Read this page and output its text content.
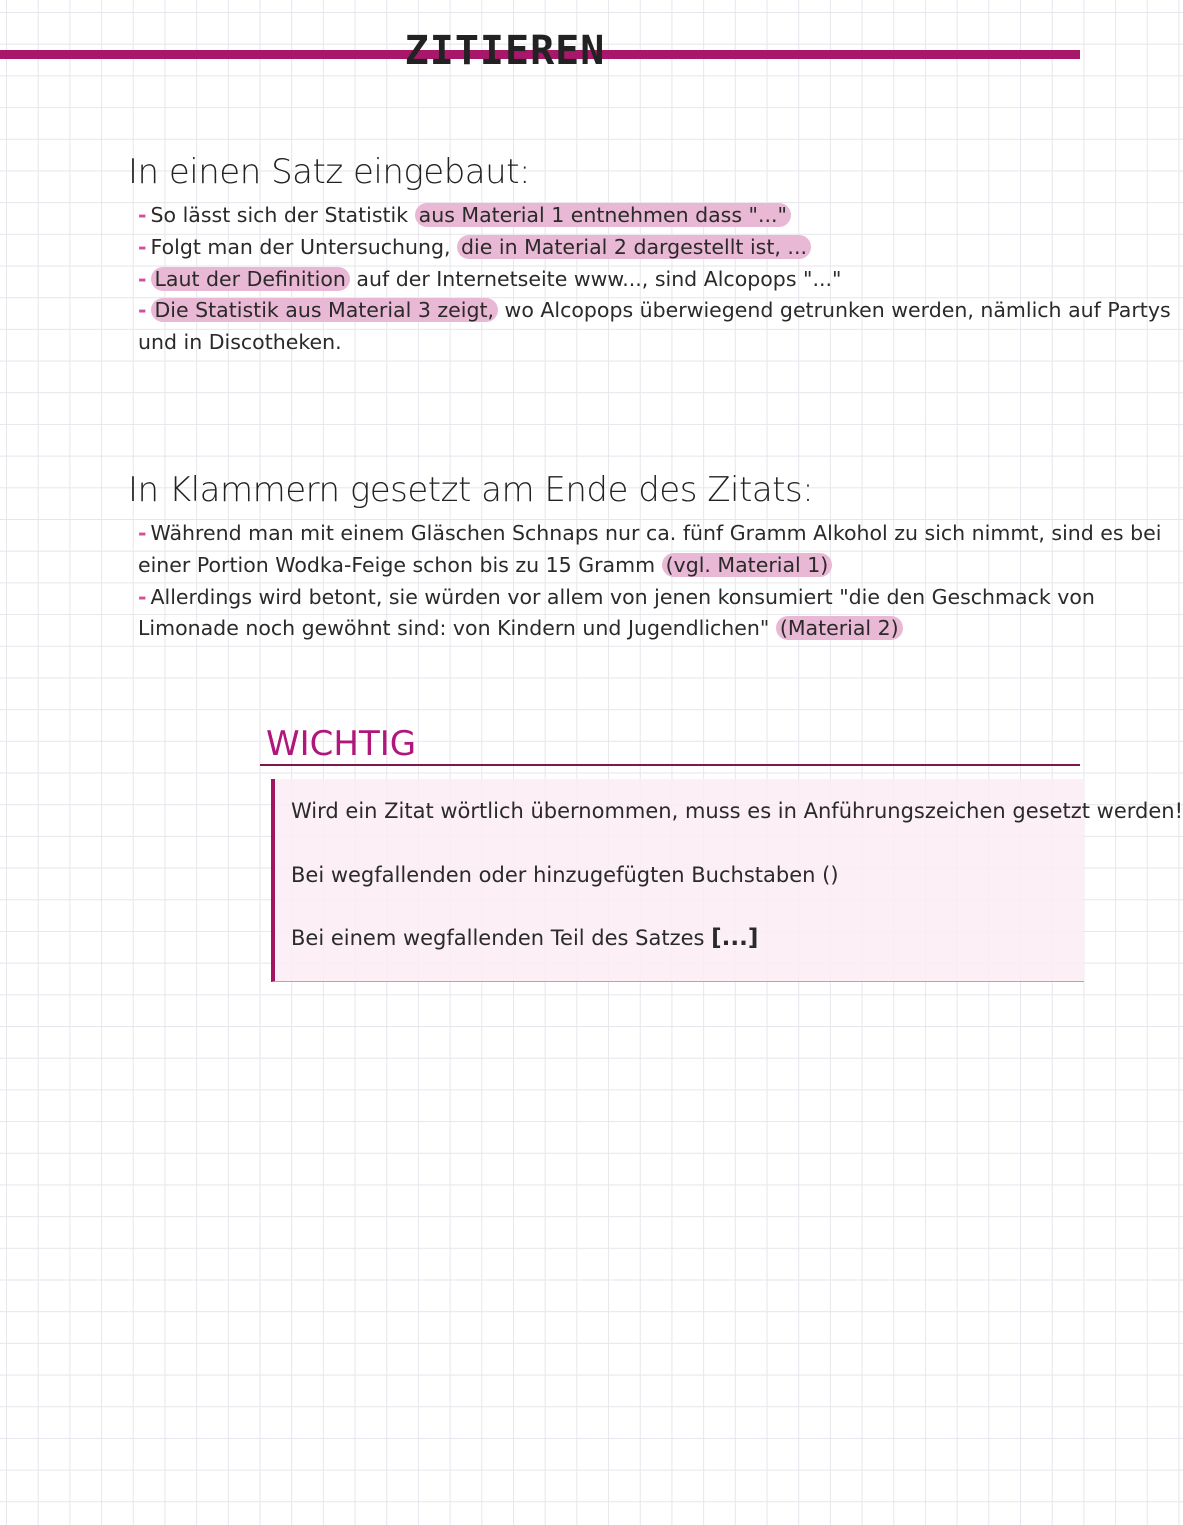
ZITIEREN
In einen Satz eingebaut:
- So lässt sich der Statistik aus Material 1 entnehmen dass "..."
- Folgt man der Untersuchung, die in Material 2 dargestellt ist, ...
- Laut der Definition auf der Internetseite www..., sind Alcopops "..."
- Die Statistik aus Material 3 zeigt, wo Alcopops überwiegend getrunken werden, nämlich auf Partys
und in Discotheken.
In Klammern gesetzt am Ende des Zitats:
- Während man mit einem Gläschen Schnaps nur ca. fünf Gramm Alkohol zu sich nimmt, sind es bei
einer Portion Wodka-Feige schon bis zu 15 Gramm (vgl. Material 1)
- Allerdings wird betont, sie würden vor allem von jenen konsumiert "die den Geschmack von
Limonade noch gewöhnt sind: von Kindern und Jugendlichen" (Material 2)
WICHTIG
Wird ein Zitat wörtlich übernommen, muss es in Anführungszeichen gesetzt werden!
Bei wegfallenden oder hinzugefügten Buchstaben ()
Bei einem wegfallenden Teil des Satzes [...]
